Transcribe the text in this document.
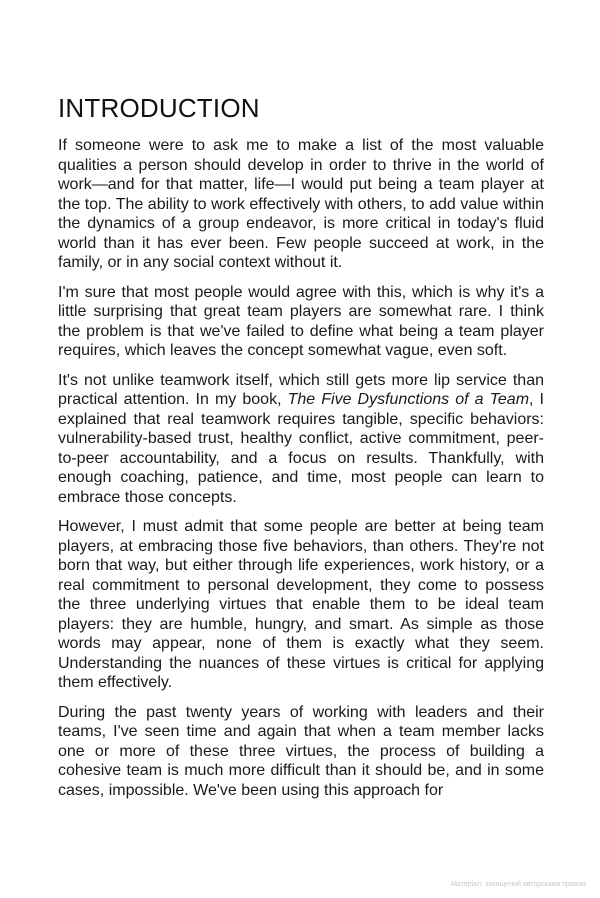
INTRODUCTION

If someone were to ask me to make a list of the most valuable qualities a person should develop in order to thrive in the world of work—and for that matter, life—I would put being a team player at the top. The ability to work effectively with others, to add value within the dynamics of a group endeavor, is more critical in today's fluid world than it has ever been. Few people succeed at work, in the family, or in any social context without it.

I'm sure that most people would agree with this, which is why it's a little surprising that great team players are somewhat rare. I think the problem is that we've failed to define what being a team player requires, which leaves the concept somewhat vague, even soft.

It's not unlike teamwork itself, which still gets more lip service than practical attention. In my book, The Five Dysfunctions of a Team, I explained that real teamwork requires tangible, specific behaviors: vulnerability-based trust, healthy conflict, active commitment, peer-to-peer accountability, and a focus on results. Thankfully, with enough coaching, patience, and time, most people can learn to embrace those concepts.

However, I must admit that some people are better at being team players, at embracing those five behaviors, than others. They're not born that way, but either through life experiences, work history, or a real commitment to personal development, they come to possess the three underlying virtues that enable them to be ideal team players: they are humble, hungry, and smart. As simple as those words may appear, none of them is exactly what they seem. Understanding the nuances of these virtues is critical for applying them effectively.

During the past twenty years of working with leaders and their teams, I've seen time and again that when a team member lacks one or more of these three virtues, the process of building a cohesive team is much more difficult than it should be, and in some cases, impossible. We've been using this approach for

Матеріал, захищений авторським правом
